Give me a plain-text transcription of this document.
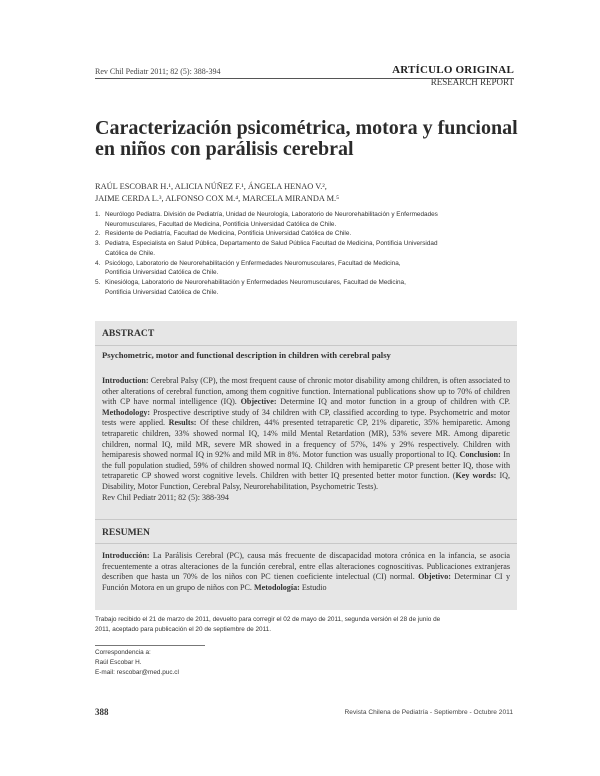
Rev Chil Pediatr 2011; 82 (5): 388-394	ARTÍCULO ORIGINAL
RESEARCH REPORT
Caracterización psicométrica, motora y funcional
en niños con parálisis cerebral
RAÚL ESCOBAR H.¹, ALICIA NÚÑEZ F.¹, ÁNGELA HENAO V.²,
JAIME CERDA L.³, ALFONSO COX M.⁴, MARCELA MIRANDA M.⁵
1. Neurólogo Pediatra. División de Pediatría, Unidad de Neurología, Laboratorio de Neurorehabilitación y Enfermedades
Neuromusculares, Facultad de Medicina, Pontificia Universidad Católica de Chile.
2. Residente de Pediatría, Facultad de Medicina, Pontificia Universidad Católica de Chile.
3. Pediatra, Especialista en Salud Pública, Departamento de Salud Pública Facultad de Medicina, Pontificia Universidad
Católica de Chile.
4. Psicólogo, Laboratorio de Neurorehabilitación y Enfermedades Neuromusculares, Facultad de Medicina,
Pontificia Universidad Católica de Chile.
5. Kinesióloga, Laboratorio de Neurorehabilitación y Enfermedades Neuromusculares, Facultad de Medicina,
Pontificia Universidad Católica de Chile.
ABSTRACT
Psychometric, motor and functional description in children with cerebral palsy
Introduction: Cerebral Palsy (CP), the most frequent cause of chronic motor disability among children, is often associated to other alterations of cerebral function, among them cognitive function. International publications show up to 70% of children with CP have normal intelligence (IQ). Objective: Determine IQ and motor function in a group of children with CP. Methodology: Prospective descriptive study of 34 children with CP, classified according to type. Psychometric and motor tests were applied. Results: Of these children, 44% presented tetraparetic CP, 21% diparetic, 35% hemiparetic. Among tetraparetic children, 33% showed normal IQ, 14% mild Mental Retardation (MR), 53% severe MR. Among diparetic children, normal IQ, mild MR, severe MR showed in a frequency of 57%, 14% y 29% respectively. Children with hemiparesis showed normal IQ in 92% and mild MR in 8%. Motor function was usually proportional to IQ. Conclusion: In the full population studied, 59% of children showed normal IQ. Children with hemiparetic CP present better IQ, those with tetraparetic CP showed worst cognitive levels. Children with better IQ presented better motor function. (Key words: IQ, Disability, Motor Function, Cerebral Palsy, Neurorehabilitation, Psychometric Tests).
Rev Chil Pediatr 2011; 82 (5): 388-394
RESUMEN
Introducción: La Parálisis Cerebral (PC), causa más frecuente de discapacidad motora crónica en la infancia, se asocia frecuentemente a otras alteraciones de la función cerebral, entre ellas alteraciones cognoscitivas. Publicaciones extranjeras describen que hasta un 70% de los niños con PC tienen coeficiente intelectual (CI) normal. Objetivo: Determinar CI y Función Motora en un grupo de niños con PC. Metodología: Estudio
Trabajo recibido el 21 de marzo de 2011, devuelto para corregir el 02 de mayo de 2011, segunda versión el 28 de junio de
2011, aceptado para publicación el 20 de septiembre de 2011.
Correspondencia a:
Raúl Escobar H.
E-mail: rescobar@med.puc.cl
388	Revista Chilena de Pediatría - Septiembre - Octubre 2011
